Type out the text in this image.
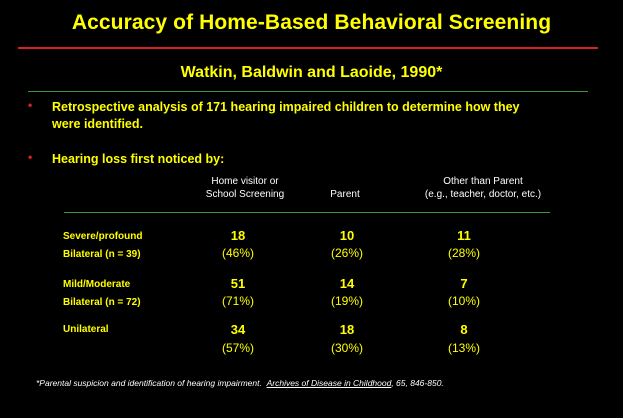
Accuracy of Home-Based Behavioral Screening
Watkin, Baldwin and Laoide, 1990*
• Retrospective analysis of 171 hearing impaired children to determine how they
were identified.
• Hearing loss first noticed by:
Home visitor or
School Screening	Parent
Other than Parent
(e.g., teacher, doctor, etc.)
Severe/profound
Bilateral (n = 39)
18
(46%)
10
(26%)
11
(28%)
Mild/Moderate
Bilateral (n = 72)
51
(71%)
14
(19%)
7
(10%)
Unilateral	34
(57%)
18
(30%)
8
(13%)
*Parental suspicion and identification of hearing impairment. Archives of Disease in Childhood, 65, 846-850.
